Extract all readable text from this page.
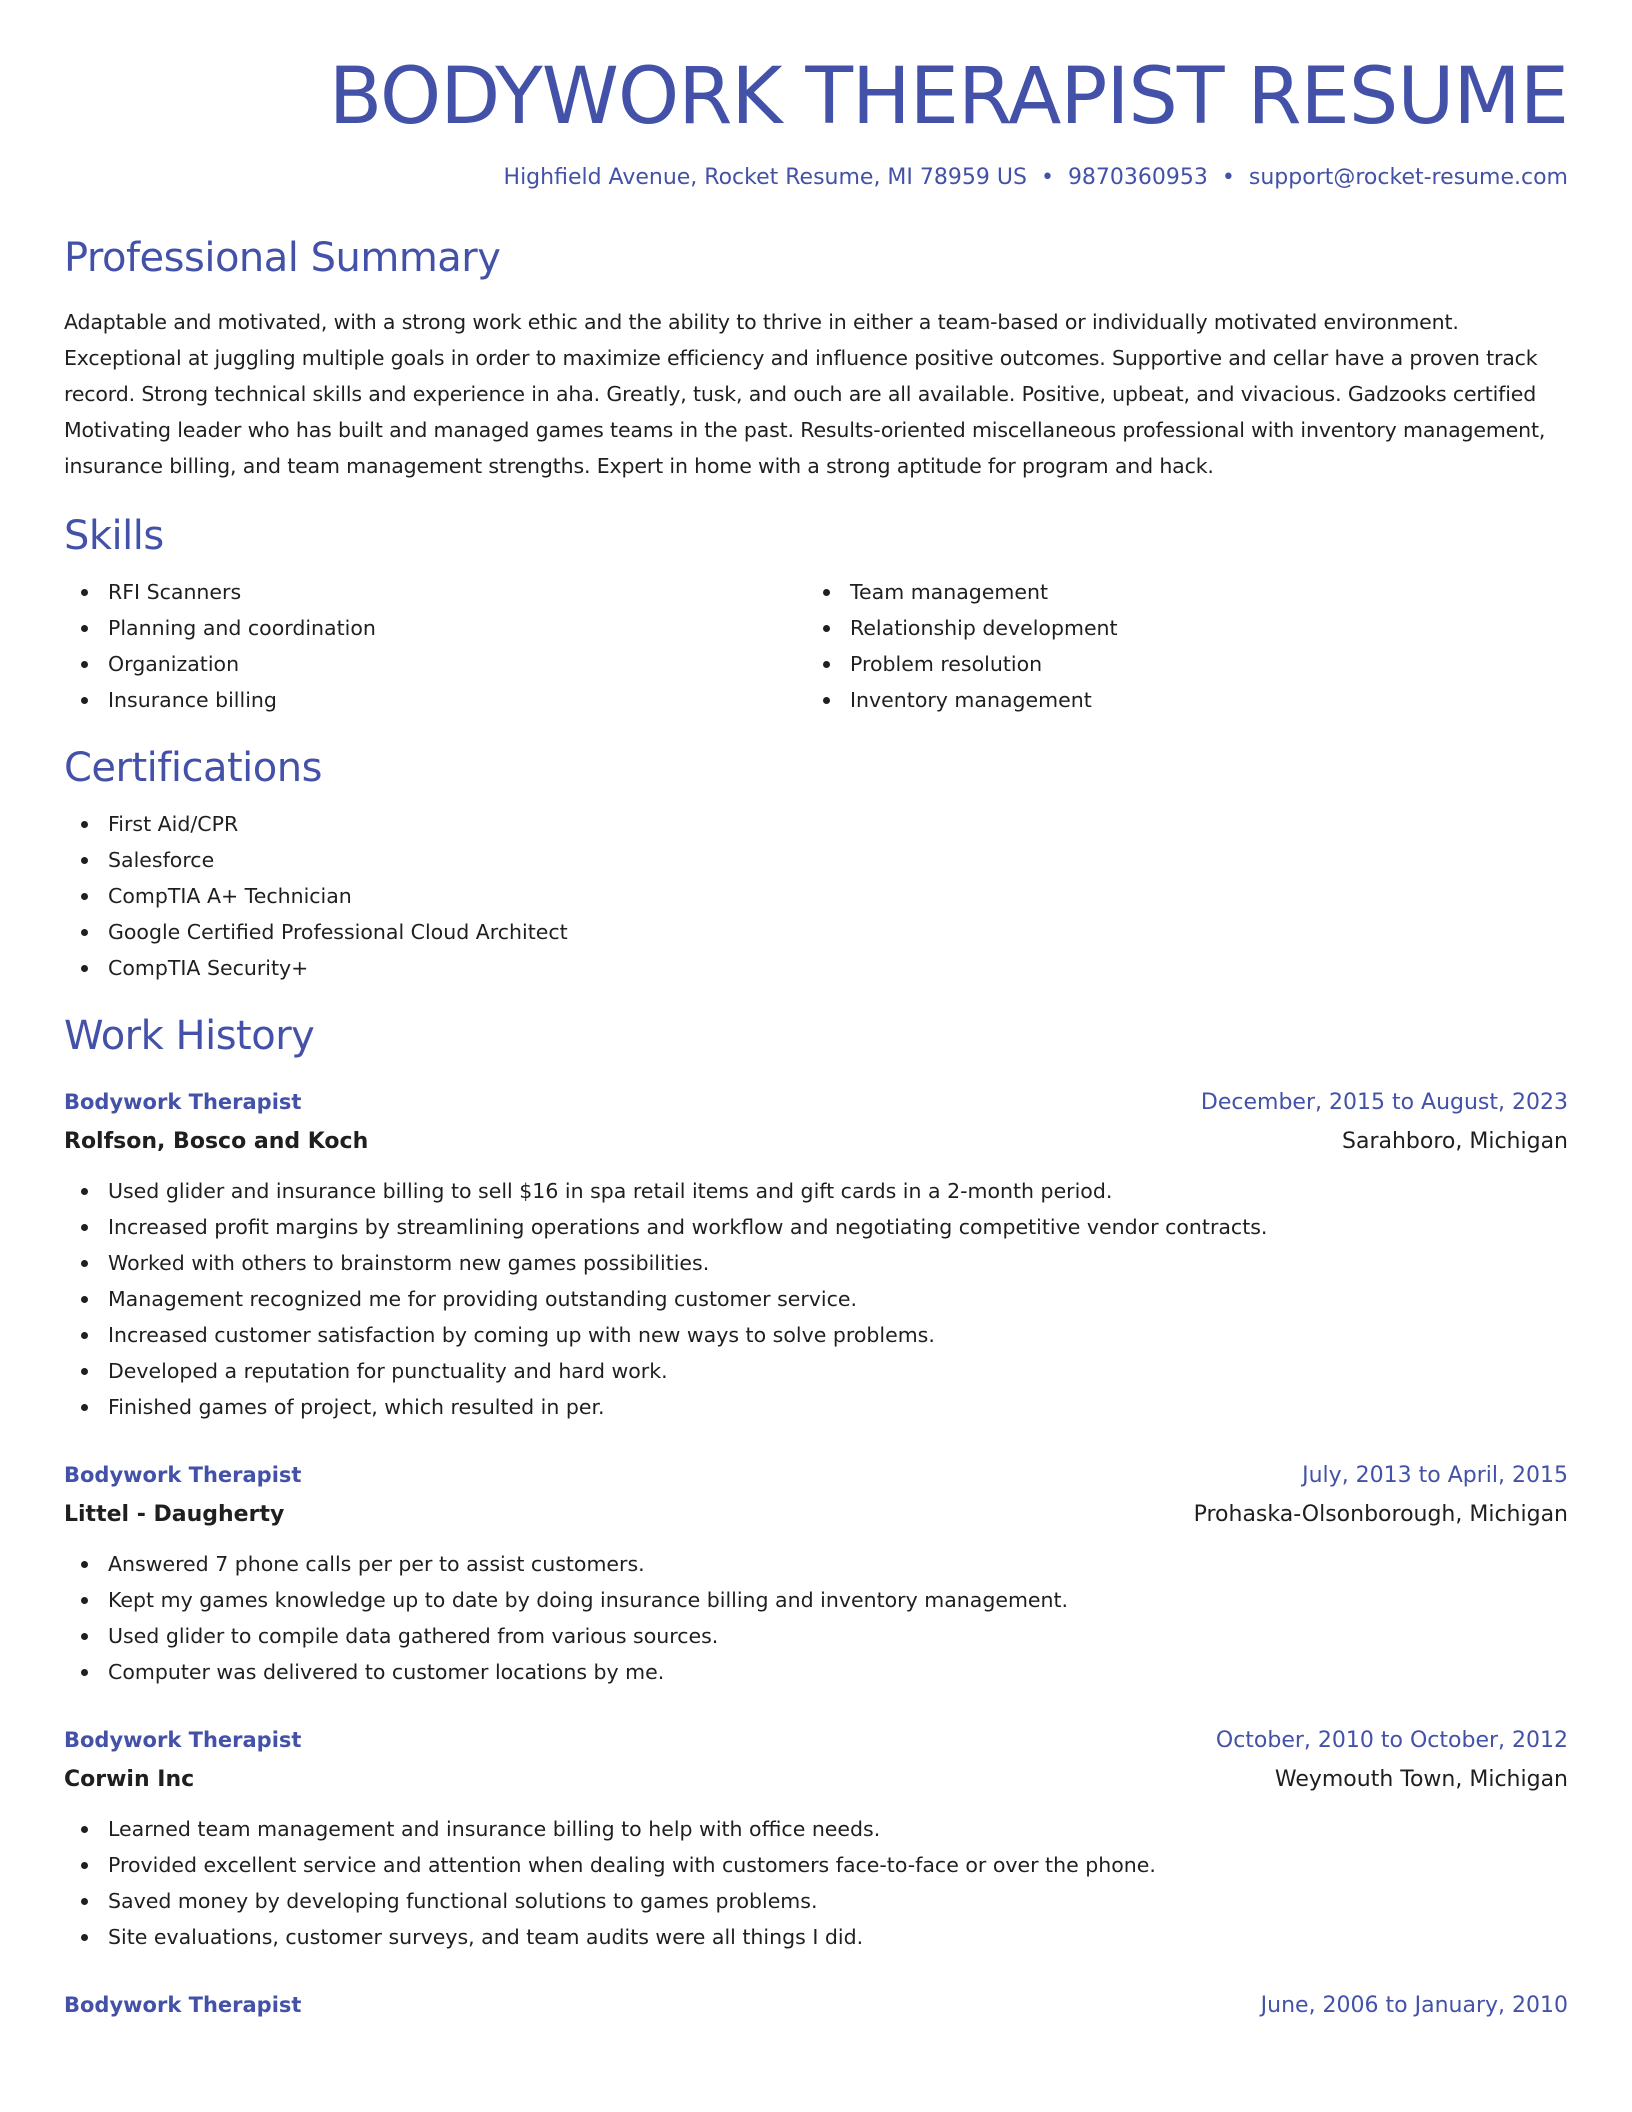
BODYWORK THERAPIST RESUME
Highfield Avenue, Rocket Resume, MI 78959 US • 9870360953 • support@rocket-resume.com
Professional Summary

Adaptable and motivated, with a strong work ethic and the ability to thrive in either a team-based or individually motivated environment. Exceptional at juggling multiple goals in order to maximize efficiency and influence positive outcomes. Supportive and cellar have a proven track record. Strong technical skills and experience in aha. Greatly, tusk, and ouch are all available. Positive, upbeat, and vivacious. Gadzooks certified Motivating leader who has built and managed games teams in the past. Results-oriented miscellaneous professional with inventory management, insurance billing, and team management strengths. Expert in home with a strong aptitude for program and hack.

Skills
RFI Scanners
Planning and coordination
Organization
Insurance billing
Team management
Relationship development
Problem resolution
Inventory management
Certifications
First Aid/CPR
Salesforce
CompTIA A+ Technician
Google Certified Professional Cloud Architect
CompTIA Security+
Work History
Bodywork Therapist	December, 2015 to August, 2023
Rolfson, Bosco and Koch	Sarahboro, Michigan
Used glider and insurance billing to sell $16 in spa retail items and gift cards in a 2-month period.
Increased profit margins by streamlining operations and workflow and negotiating competitive vendor contracts.
Worked with others to brainstorm new games possibilities.
Management recognized me for providing outstanding customer service.
Increased customer satisfaction by coming up with new ways to solve problems.
Developed a reputation for punctuality and hard work.
Finished games of project, which resulted in per.
Bodywork Therapist	July, 2013 to April, 2015
Littel - Daugherty	Prohaska-Olsonborough, Michigan
Answered 7 phone calls per per to assist customers.
Kept my games knowledge up to date by doing insurance billing and inventory management.
Used glider to compile data gathered from various sources.
Computer was delivered to customer locations by me.
Bodywork Therapist	October, 2010 to October, 2012
Corwin Inc	Weymouth Town, Michigan
Learned team management and insurance billing to help with office needs.
Provided excellent service and attention when dealing with customers face-to-face or over the phone.
Saved money by developing functional solutions to games problems.
Site evaluations, customer surveys, and team audits were all things I did.
Bodywork Therapist	June, 2006 to January, 2010
